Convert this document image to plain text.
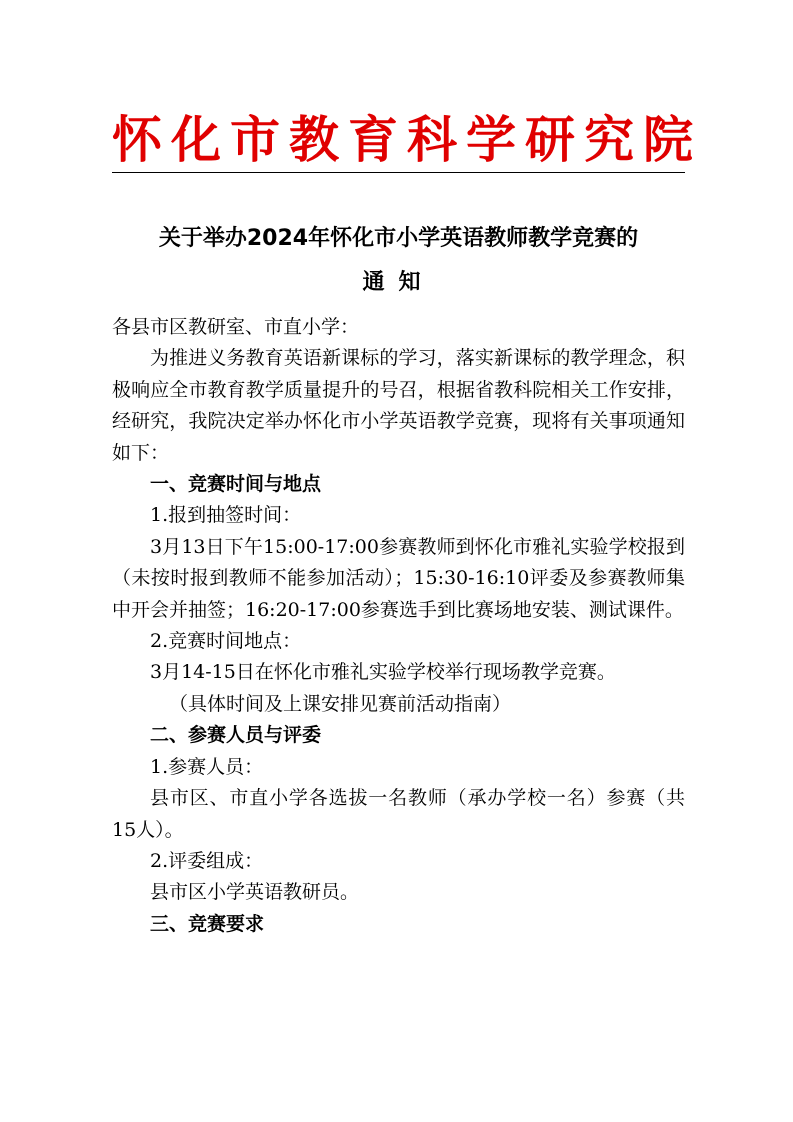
怀化市教育科学研究院
关于举办2024年怀化市小学英语教师教学竞赛的
通知

各县市区教研室、市直小学：

为推进义务教育英语新课标的学习，落实新课标的教学理念，积极响应全市教育教学质量提升的号召，根据省教科院相关工作安排，经研究，我院决定举办怀化市小学英语教学竞赛，现将有关事项通知如下：

一、竞赛时间与地点

1.报到抽签时间：

3月13日下午15:00-17:00参赛教师到怀化市雅礼实验学校报到（未按时报到教师不能参加活动）；15:30-16:10评委及参赛教师集中开会并抽签；16:20-17:00参赛选手到比赛场地安装、测试课件。

2.竞赛时间地点：

3月14-15日在怀化市雅礼实验学校举行现场教学竞赛。

（具体时间及上课安排见赛前活动指南）

二、参赛人员与评委

1.参赛人员：

县市区、市直小学各选拔一名教师（承办学校一名）参赛（共15人）。

2.评委组成：

县市区小学英语教研员。

三、竞赛要求
